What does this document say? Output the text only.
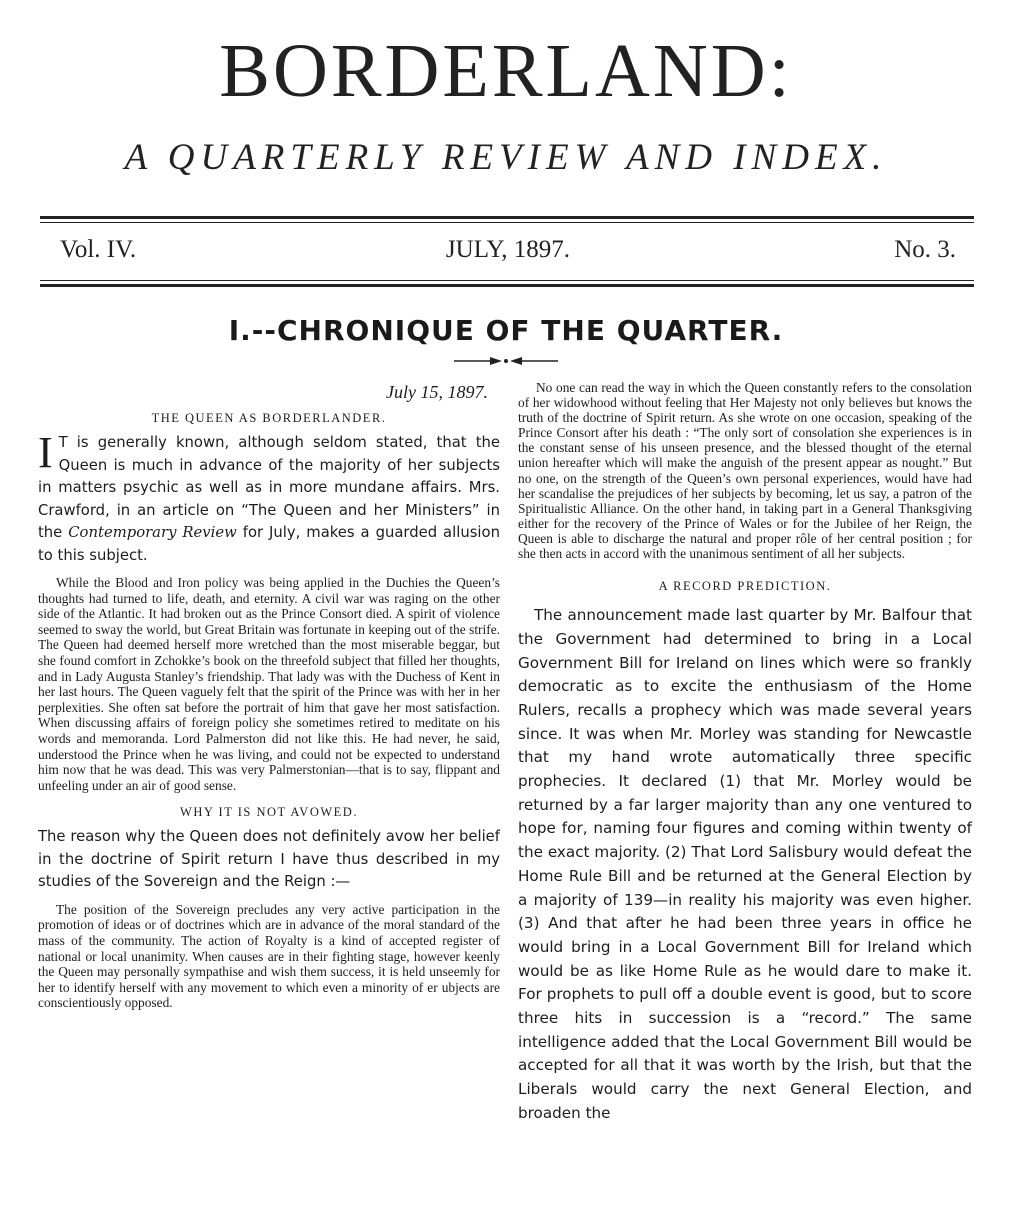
BORDERLAND:
A QUARTERLY REVIEW AND INDEX.
Vol. IV.	JULY, 1897.	No. 3.
I.--CHRONIQUE OF THE QUARTER.
July 15, 1897.
THE QUEEN AS BORDERLANDER.

I T is generally known, although seldom stated, that the Queen is much in advance of the majority of her subjects in matters psychic as well as in more mundane affairs. Mrs. Crawford, in an article on “The Queen and her Ministers” in the Contemporary Review for July, makes a guarded allusion to this subject.

While the Blood and Iron policy was being applied in the Duchies the Queen’s thoughts had turned to life, death, and eternity. A civil war was raging on the other side of the Atlantic. It had broken out as the Prince Consort died. A spirit of violence seemed to sway the world, but Great Britain was fortunate in keeping out of the strife. The Queen had deemed herself more wretched than the most miserable beggar, but she found comfort in Zchokke’s book on the threefold subject that filled her thoughts, and in Lady Augusta Stanley’s friendship. That lady was with the Duchess of Kent in her last hours. The Queen vaguely felt that the spirit of the Prince was with her in her perplexities. She often sat before the portrait of him that gave her most satisfaction. When discussing affairs of foreign policy she sometimes retired to meditate on his words and memoranda. Lord Palmerston did not like this. He had never, he said, understood the Prince when he was living, and could not be expected to understand him now that he was dead. This was very Palmerstonian—that is to say, flippant and unfeeling under an air of good sense.

WHY IT IS NOT AVOWED.

The reason why the Queen does not definitely avow her belief in the doctrine of Spirit return I have thus described in my studies of the Sovereign and the Reign :—

The position of the Sovereign precludes any very active participation in the promotion of ideas or of doctrines which are in advance of the moral standard of the mass of the community. The action of Royalty is a kind of accepted register of national or local unanimity. When causes are in their fighting stage, however keenly the Queen may personally sympathise and wish them success, it is held unseemly for her to identify herself with any movement to which even a minority of er ubjects are conscientiously opposed.

No one can read the way in which the Queen constantly refers to the consolation of her widowhood without feeling that Her Majesty not only believes but knows the truth of the doctrine of Spirit return. As she wrote on one occasion, speaking of the Prince Consort after his death : “The only sort of consolation she experiences is in the constant sense of his unseen presence, and the blessed thought of the eternal union hereafter which will make the anguish of the present appear as nought.” But no one, on the strength of the Queen’s own personal experiences, would have had her scandalise the prejudices of her subjects by becoming, let us say, a patron of the Spiritualistic Alliance. On the other hand, in taking part in a General Thanksgiving either for the recovery of the Prince of Wales or for the Jubilee of her Reign, the Queen is able to discharge the natural and proper rôle of her central position ; for she then acts in accord with the unanimous sentiment of all her subjects.

A RECORD PREDICTION.

The announcement made last quarter by Mr. Balfour that the Government had determined to bring in a Local Government Bill for Ireland on lines which were so frankly democratic as to excite the enthusiasm of the Home Rulers, recalls a prophecy which was made several years since. It was when Mr. Morley was standing for Newcastle that my hand wrote automatically three specific prophecies. It declared (1) that Mr. Morley would be returned by a far larger majority than any one ventured to hope for, naming four figures and coming within twenty of the exact majority. (2) That Lord Salisbury would defeat the Home Rule Bill and be returned at the General Election by a majority of 139—in reality his majority was even higher. (3) And that after he had been three years in office he would bring in a Local Government Bill for Ireland which would be as like Home Rule as he would dare to make it. For prophets to pull off a double event is good, but to score three hits in succession is a “record.” The same intelligence added that the Local Government Bill would be accepted for all that it was worth by the Irish, but that the Liberals would carry the next General Election, and broaden the
